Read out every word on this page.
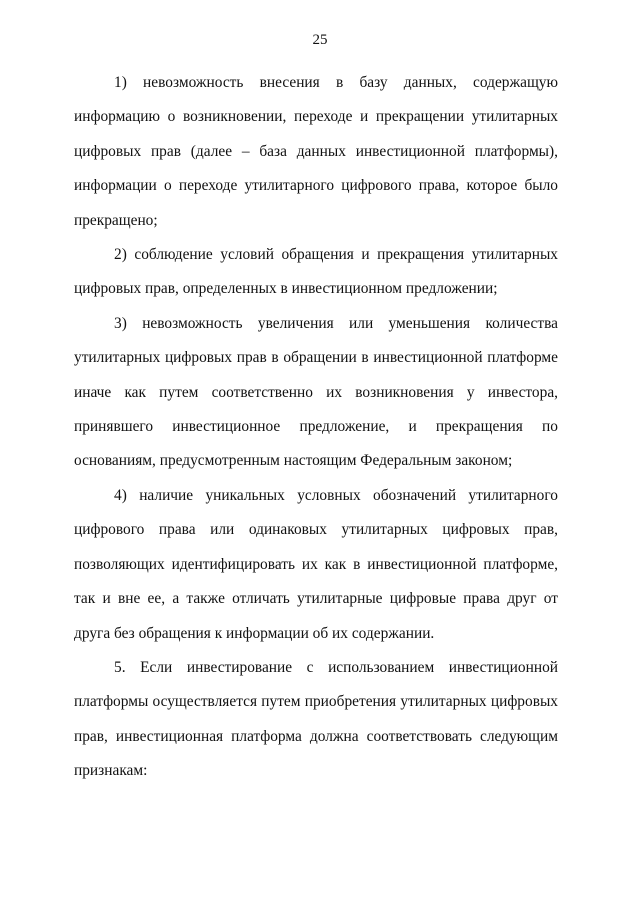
25

1) невозможность внесения в базу данных, содержащую информацию о возникновении, переходе и прекращении утилитарных цифровых прав (далее – база данных инвестиционной платформы), информации о переходе утилитарного цифрового права, которое было прекращено;

2) соблюдение условий обращения и прекращения утилитарных цифровых прав, определенных в инвестиционном предложении;

3) невозможность увеличения или уменьшения количества утилитарных цифровых прав в обращении в инвестиционной платформе иначе как путем соответственно их возникновения у инвестора, принявшего инвестиционное предложение, и прекращения по основаниям, предусмотренным настоящим Федеральным законом;

4) наличие уникальных условных обозначений утилитарного цифрового права или одинаковых утилитарных цифровых прав, позволяющих идентифицировать их как в инвестиционной платформе, так и вне ее, а также отличать утилитарные цифровые права друг от друга без обращения к информации об их содержании.

5. Если инвестирование с использованием инвестиционной платформы осуществляется путем приобретения утилитарных цифровых прав, инвестиционная платформа должна соответствовать следующим признакам:
